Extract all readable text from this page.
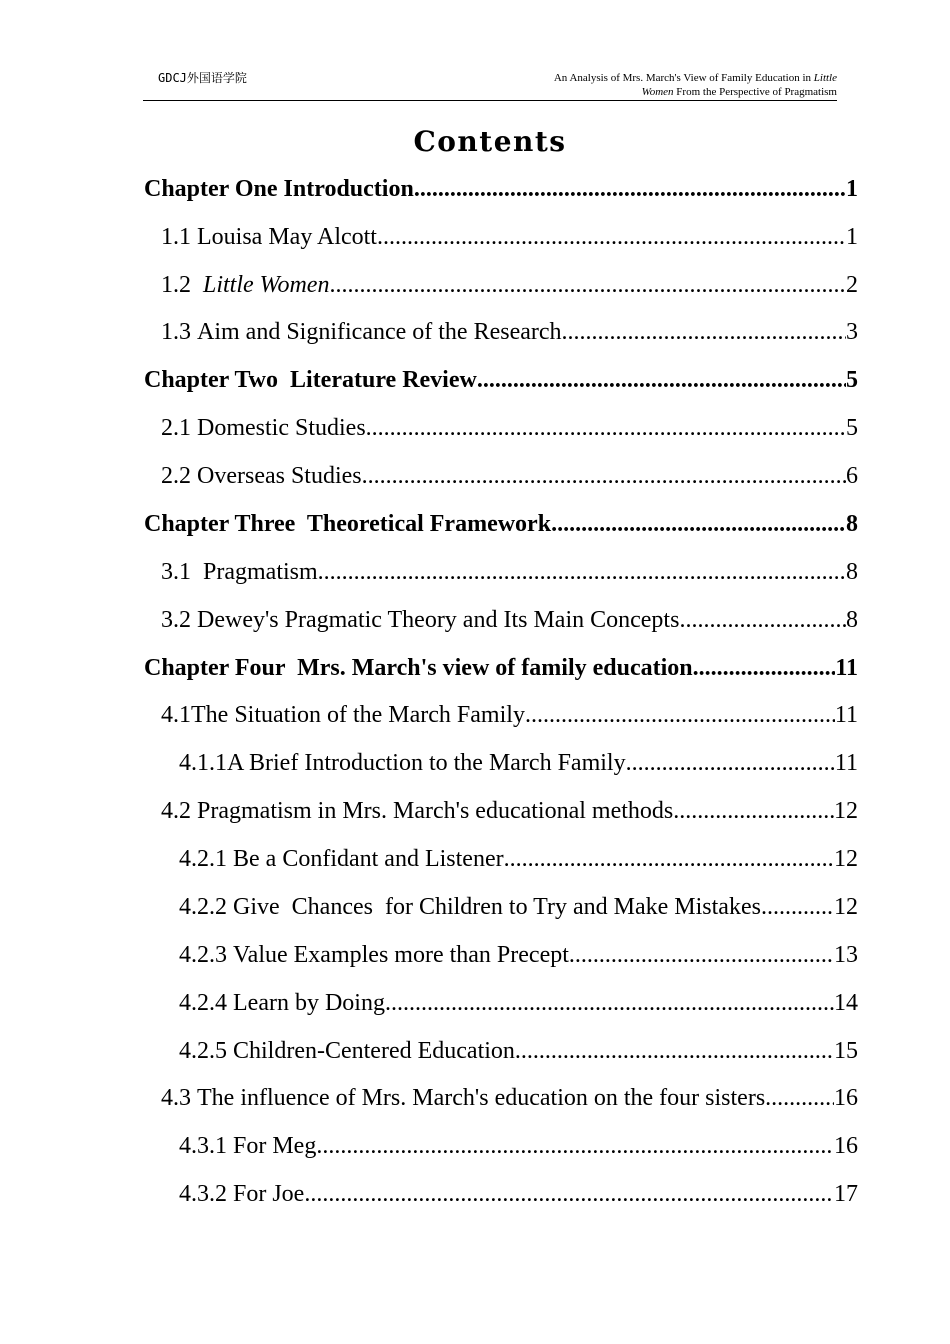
GDCJ外国语学院	An Analysis of Mrs. March's View of Family Education in Little
Women From the Perspective of Pragmatism
Contents
Chapter One Introduction .....	1
1.1 Louisa May Alcott .....	1
1.2 Little Women .....	2
1.3 Aim and Significance of the Research .....	3
Chapter Two  Literature Review .....	5
2.1 Domestic Studies .....	5
2.2 Overseas Studies .....	6
Chapter Three  Theoretical Framework .....	8
3.1 Pragmatism .....	8
3.2 Dewey's Pragmatic Theory and Its Main Concepts .....	8
Chapter Four  Mrs. March's view of family education .....	11
4.1 The Situation of the March Family .....	11
4.1.1 A Brief Introduction to the March Family .....	11
4.2 Pragmatism in Mrs. March's educational methods .....	12
4.2.1 Be a Confidant and Listener .....	12
4.2.2 Give  Chances  for Children to Try and Make Mistakes .....	12
4.2.3 Value Examples more than Precept .....	13
4.2.4 Learn by Doing .....	14
4.2.5 Children-Centered Education .....	15
4.3 The influence of Mrs. March's education on the four sisters .....	16
4.3.1 For Meg .....	16
4.3.2 For Joe .....	17
